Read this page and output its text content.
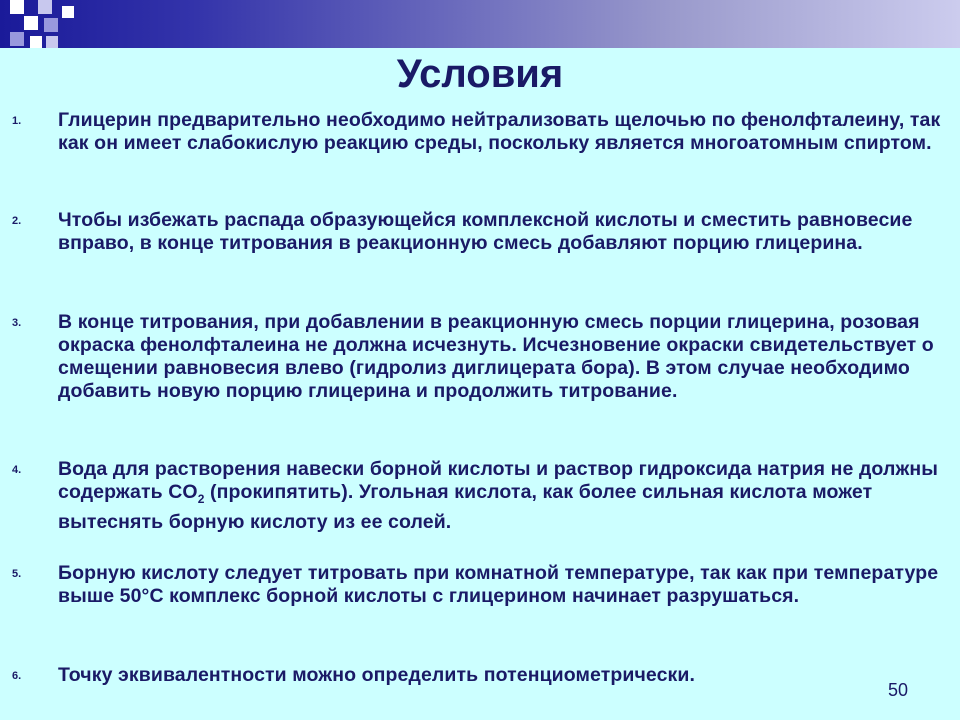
Условия
1. Глицерин предварительно необходимо нейтрализовать щелочью по фенолфталеину, так как он имеет слабокислую реакцию среды, поскольку является многоатомным спиртом.
2. Чтобы избежать распада образующейся комплексной кислоты и сместить равновесие вправо, в конце титрования в реакционную смесь добавляют порцию глицерина.
3. В конце титрования, при добавлении в реакционную смесь порции глицерина, розовая окраска фенолфталеина не должна исчезнуть. Исчезновение окраски свидетельствует о смещении равновесия влево (гидролиз диглицерата бора). В этом случае необходимо добавить новую порцию глицерина и продолжить титрование.
4. Вода для растворения навески борной кислоты и раствор гидроксида натрия не должны содержать $CO_2$ (прокипятить). Угольная кислота, как более сильная кислота может вытеснять борную кислоту из ее солей.
5. Борную кислоту следует титровать при комнатной температуре, так как при температуре выше 50°С комплекс борной кислоты с глицерином начинает разрушаться.
6. Точку эквивалентности можно определить потенциометрически.
50
